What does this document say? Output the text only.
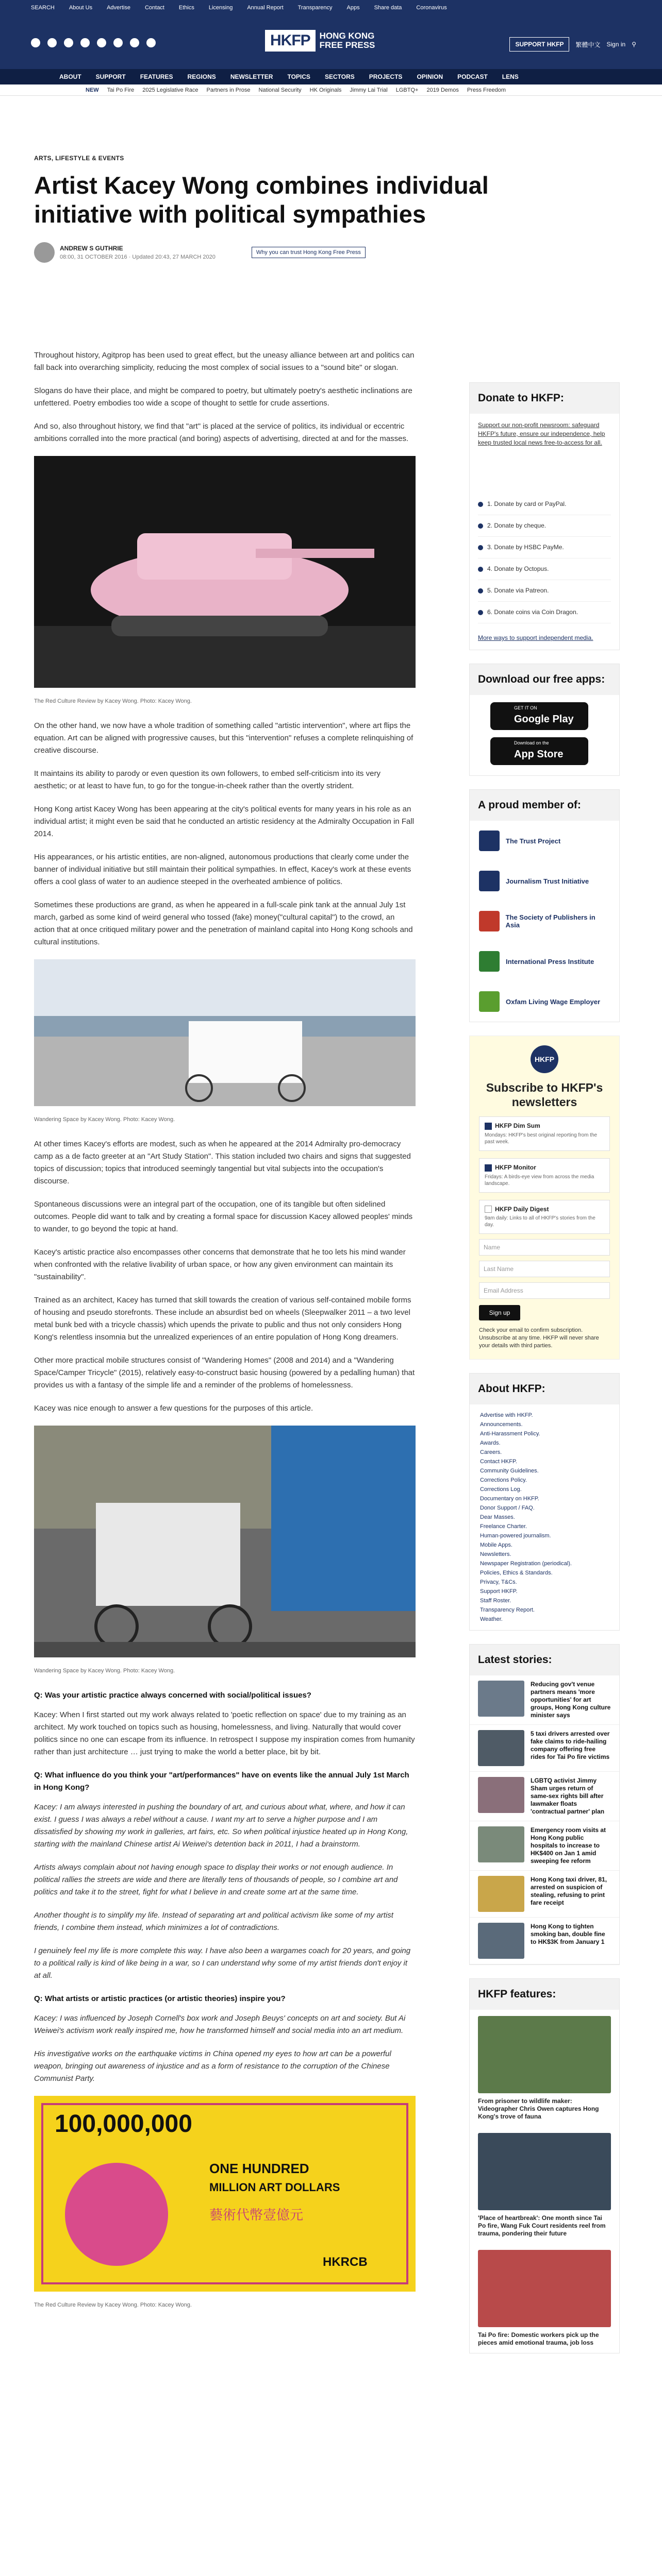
SEARCH	About Us	Advertise	Contact	Ethics	Licensing	Annual Report	Transparency	Apps	Share data	Coronavirus
HKFP	HONG KONG
FREE PRESS	SUPPORT HKFP	繁體中文 Sign in ⚲
ABOUT SUPPORT FEATURES REGIONS NEWSLETTER TOPICS SECTORS PROJECTS OPINION PODCAST LENS
NEW Tai Po Fire 2025 Legislative Race Partners in Prose National Security HK Originals Jimmy Lai Trial LGBTQ+ 2019 Demos Press Freedom
ARTS, LIFESTYLE & EVENTS
Artist Kacey Wong combines individual initiative with political sympathies
ANDREW S GUTHRIE
08:00, 31 OCTOBER 2016 · Updated 20:43, 27 MARCH 2020
Why you can trust Hong Kong Free Press

Throughout history, Agitprop has been used to great effect, but the uneasy alliance between art and politics can fall back into overarching simplicity, reducing the most complex of social issues to a "sound bite" or slogan.

Slogans do have their place, and might be compared to poetry, but ultimately poetry's aesthetic inclinations are unfettered. Poetry embodies too wide a scope of thought to settle for crude assertions.

And so, also throughout history, we find that "art" is placed at the service of politics, its individual or eccentric ambitions corralled into the more practical (and boring) aspects of advertising, directed at and for the masses.

The Red Culture Review by Kacey Wong. Photo: Kacey Wong.

On the other hand, we now have a whole tradition of something called "artistic intervention", where art flips the equation. Art can be aligned with progressive causes, but this "intervention" refuses a complete relinquishing of creative discourse.

It maintains its ability to parody or even question its own followers, to embed self-criticism into its very aesthetic; or at least to have fun, to go for the tongue-in-cheek rather than the overtly strident.

Hong Kong artist Kacey Wong has been appearing at the city's political events for many years in his role as an individual artist; it might even be said that he conducted an artistic residency at the Admiralty Occupation in Fall 2014.

His appearances, or his artistic entities, are non-aligned, autonomous productions that clearly come under the banner of individual initiative but still maintain their political sympathies. In effect, Kacey's work at these events offers a cool glass of water to an audience steeped in the overheated ambience of politics.

Sometimes these productions are grand, as when he appeared in a full-scale pink tank at the annual July 1st march, garbed as some kind of weird general who tossed (fake) money("cultural capital") to the crowd, an action that at once critiqued military power and the penetration of mainland capital into Hong Kong schools and cultural institutions.

Wandering Space by Kacey Wong. Photo: Kacey Wong.

At other times Kacey's efforts are modest, such as when he appeared at the 2014 Admiralty pro-democracy camp as a de facto greeter at an "Art Study Station". This station included two chairs and signs that suggested topics of discussion; topics that introduced seemingly tangential but vital subjects into the occupation's discourse.

Spontaneous discussions were an integral part of the occupation, one of its tangible but often sidelined outcomes. People did want to talk and by creating a formal space for discussion Kacey allowed peoples' minds to wander, to go beyond the topic at hand.

Kacey's artistic practice also encompasses other concerns that demonstrate that he too lets his mind wander when confronted with the relative livability of urban space, or how any given environment can maintain its "sustainability".

Trained as an architect, Kacey has turned that skill towards the creation of various self-contained mobile forms of housing and pseudo storefronts. These include an absurdist bed on wheels (Sleepwalker 2011 – a two level metal bunk bed with a tricycle chassis) which upends the private to public and thus not only considers Hong Kong's relentless insomnia but the unrealized experiences of an entire population of Hong Kong dreamers.

Other more practical mobile structures consist of "Wandering Homes" (2008 and 2014) and a "Wandering Space/Camper Tricycle" (2015), relatively easy-to-construct basic housing (powered by a pedalling human) that provides us with a fantasy of the simple life and a reminder of the problems of homelessness.

Kacey was nice enough to answer a few questions for the purposes of this article.

Wandering Space by Kacey Wong. Photo: Kacey Wong.

Q: Was your artistic practice always concerned with social/political issues?

Kacey: When I first started out my work always related to 'poetic reflection on space' due to my training as an architect. My work touched on topics such as housing, homelessness, and living. Naturally that would cover politics since no one can escape from its influence. In retrospect I suppose my inspiration comes from humanity rather than just architecture … just trying to make the world a better place, bit by bit.

Q: What influence do you think your "art/performances" have on events like the annual July 1st March in Hong Kong?

Kacey: I am always interested in pushing the boundary of art, and curious about what, where, and how it can exist. I guess I was always a rebel without a cause. I want my art to serve a higher purpose and I am dissatisfied by showing my work in galleries, art fairs, etc. So when political injustice heated up in Hong Kong, starting with the mainland Chinese artist Ai Weiwei's detention back in 2011, I had a brainstorm.

Artists always complain about not having enough space to display their works or not enough audience. In political rallies the streets are wide and there are literally tens of thousands of people, so I combine art and politics and take it to the street, fight for what I believe in and create some art at the same time.

Another thought is to simplify my life. Instead of separating art and political activism like some of my artist friends, I combine them instead, which minimizes a lot of contradictions.

I genuinely feel my life is more complete this way. I have also been a wargames coach for 20 years, and going to a political rally is kind of like being in a war, so I can understand why some of my artist friends don't enjoy it at all.

Q: What artists or artistic practices (or artistic theories) inspire you?

Kacey: I was influenced by Joseph Cornell's box work and Joseph Beuys' concepts on art and society. But Ai Weiwei's activism work really inspired me, how he transformed himself and social media into an art medium.

His investigative works on the earthquake victims in China opened my eyes to how art can be a powerful weapon, bringing out awareness of injustice and as a form of resistance to the corruption of the Chinese Communist Party.

100,000,000
ONE HUNDRED
MILLION ART DOLLARS
藝術代幣壹億元
HKRCB
The Red Culture Review by Kacey Wong. Photo: Kacey Wong.
Donate to HKFP:

Support our non-profit newsroom: safeguard HKFP's future, ensure our independence, help keep trusted local news free-to-access for all.

1. Donate by card or PayPal.
2. Donate by cheque.
3. Donate by HSBC PayMe.
4. Donate by Octopus.
5. Donate via Patreon.
6. Donate coins via Coin Dragon.

More ways to support independent media.

Download our free apps:
GET IT ON
Google Play
Download on the
App Store
A proud member of:
The Trust Project
Journalism Trust Initiative
The Society of Publishers in Asia
International Press Institute
Oxfam Living Wage Employer
HKFP
Subscribe to HKFP's newsletters
HKFP Dim Sum
Mondays: HKFP's best original reporting from the past week.
HKFP Monitor
Fridays: A birds-eye view from across the media landscape.
HKFP Daily Digest
9am daily: Links to all of HKFP's stories from the day.
Name
Last Name
Email Address
Sign up

Check your email to confirm subscription. Unsubscribe at any time. HKFP will never share your details with third parties.

About HKFP:
Advertise with HKFP.
Announcements.
Anti-Harassment Policy.
Awards.
Careers.
Contact HKFP.
Community Guidelines.
Corrections Policy.
Corrections Log.
Documentary on HKFP.
Donor Support / FAQ.
Dear Masses.
Freelance Charter.
Human-powered journalism.
Mobile Apps.
Newsletters.
Newspaper Registration (periodical).
Policies, Ethics & Standards.
Privacy, T&Cs.
Support HKFP.
Staff Roster.
Transparency Report.
Weather.
Latest stories:
Reducing gov't venue partners means 'more opportunities' for art groups, Hong Kong culture minister says
5 taxi drivers arrested over fake claims to ride-hailing company offering free rides for Tai Po fire victims
LGBTQ activist Jimmy Sham urges return of same-sex rights bill after lawmaker floats 'contractual partner' plan
Emergency room visits at Hong Kong public hospitals to increase to HK$400 on Jan 1 amid sweeping fee reform
Hong Kong taxi driver, 81, arrested on suspicion of stealing, refusing to print fare receipt
Hong Kong to tighten smoking ban, double fine to HK$3K from January 1
HKFP features:
From prisoner to wildlife maker: Videographer Chris Owen captures Hong Kong's trove of fauna
'Place of heartbreak': One month since Tai Po fire, Wang Fuk Court residents reel from trauma, pondering their future
Tai Po fire: Domestic workers pick up the pieces amid emotional trauma, job loss
